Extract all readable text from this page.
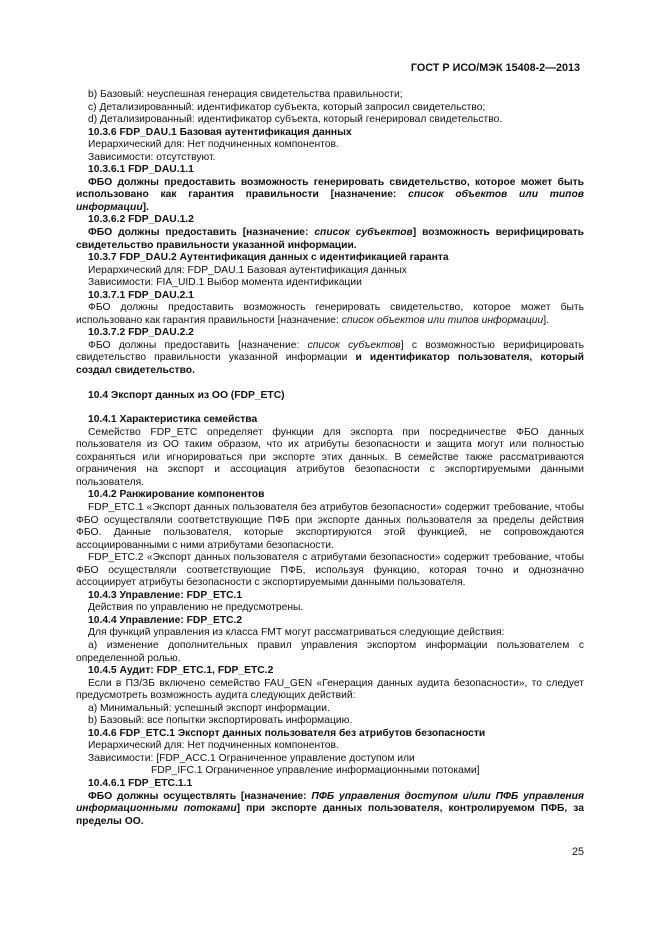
ГОСТ Р ИСО/МЭК 15408-2—2013
b) Базовый: неуспешная генерация свидетельства правильности;
c) Детализированный: идентификатор субъекта, который запросил свидетельство;
d) Детализированный: идентификатор субъекта, который генерировал свидетельство.
10.3.6 FDP_DAU.1 Базовая аутентификация данных
Иерархический для: Нет подчиненных компонентов.
Зависимости: отсутствуют.
10.3.6.1 FDP_DAU.1.1

ФБО должны предоставить возможность генерировать свидетельство, которое может быть использовано как гарантия правильности [назначение: список объектов или типов информации].

10.3.6.2 FDP_DAU.1.2

ФБО должны предоставить [назначение: список субъектов] возможность верифицировать свидетельство правильности указанной информации.

10.3.7 FDP_DAU.2 Аутентификация данных с идентификацией гаранта
Иерархический для: FDP_DAU.1 Базовая аутентификация данных
Зависимости: FIA_UID.1 Выбор момента идентификации
10.3.7.1 FDP_DAU.2.1

ФБО должны предоставить возможность генерировать свидетельство, которое может быть использовано как гарантия правильности [назначение: список объектов или типов информации].

10.3.7.2 FDP_DAU.2.2

ФБО должны предоставить [назначение: список субъектов] с возможностью верифицировать свидетельство правильности указанной информации и идентификатор пользователя, который создал свидетельство.

10.4 Экспорт данных из ОО (FDP_ETC)
10.4.1 Характеристика семейства

Семейство FDP_ETC определяет функции для экспорта при посредничестве ФБО данных пользователя из ОО таким образом, что их атрибуты безопасности и защита могут или полностью сохраняться или игнорироваться при экспорте этих данных. В семействе также рассматриваются ограничения на экспорт и ассоциация атрибутов безопасности с экспортируемыми данными пользователя.

10.4.2 Ранжирование компонентов

FDP_ETC.1 «Экспорт данных пользователя без атрибутов безопасности» содержит требование, чтобы ФБО осуществляли соответствующие ПФБ при экспорте данных пользователя за пределы действия ФБО. Данные пользователя, которые экспортируются этой функцией, не сопровождаются ассоциированными с ними атрибутами безопасности.

FDP_ETC.2 «Экспорт данных пользователя с атрибутами безопасности» содержит требование, чтобы ФБО осуществляли соответствующие ПФБ, используя функцию, которая точно и однозначно ассоциирует атрибуты безопасности с экспортируемыми данными пользователя.

10.4.3 Управление: FDP_ETC.1
Действия по управлению не предусмотрены.
10.4.4 Управление: FDP_ETC.2
Для функций управления из класса FMT могут рассматриваться следующие действия:

a) изменение дополнительных правил управления экспортом информации пользователем с определенной ролью.

10.4.5 Аудит: FDP_ETC.1, FDP_ETC.2

Если в ПЗ/ЗБ включено семейство FAU_GEN «Генерация данных аудита безопасности», то следует предусмотреть возможность аудита следующих действий:

а) Минимальный: успешный экспорт информации.
b) Базовый: все попытки экспортировать информацию.
10.4.6 FDP_ETC.1 Экспорт данных пользователя без атрибутов безопасности
Иерархический для: Нет подчиненных компонентов.
Зависимости: [FDP_ACC.1 Ограниченное управление доступом или
FDP_IFC.1 Ограниченное управление информационными потоками]
10.4.6.1 FDP_ETC.1.1

ФБО должны осуществлять [назначение: ПФБ управления доступом и/или ПФБ управления информационными потоками] при экспорте данных пользователя, контролируемом ПФБ, за пределы ОО.

25
